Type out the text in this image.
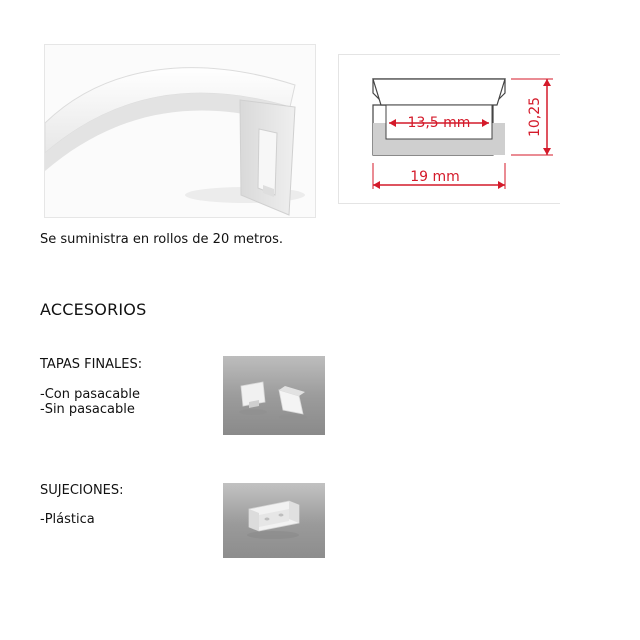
13,5 mm
19 mm
10,25
Se suministra en rollos de 20 metros.
ACCESORIOS
TAPAS FINALES:
-Con pasacable
-Sin pasacable
SUJECIONES:
-Plástica
